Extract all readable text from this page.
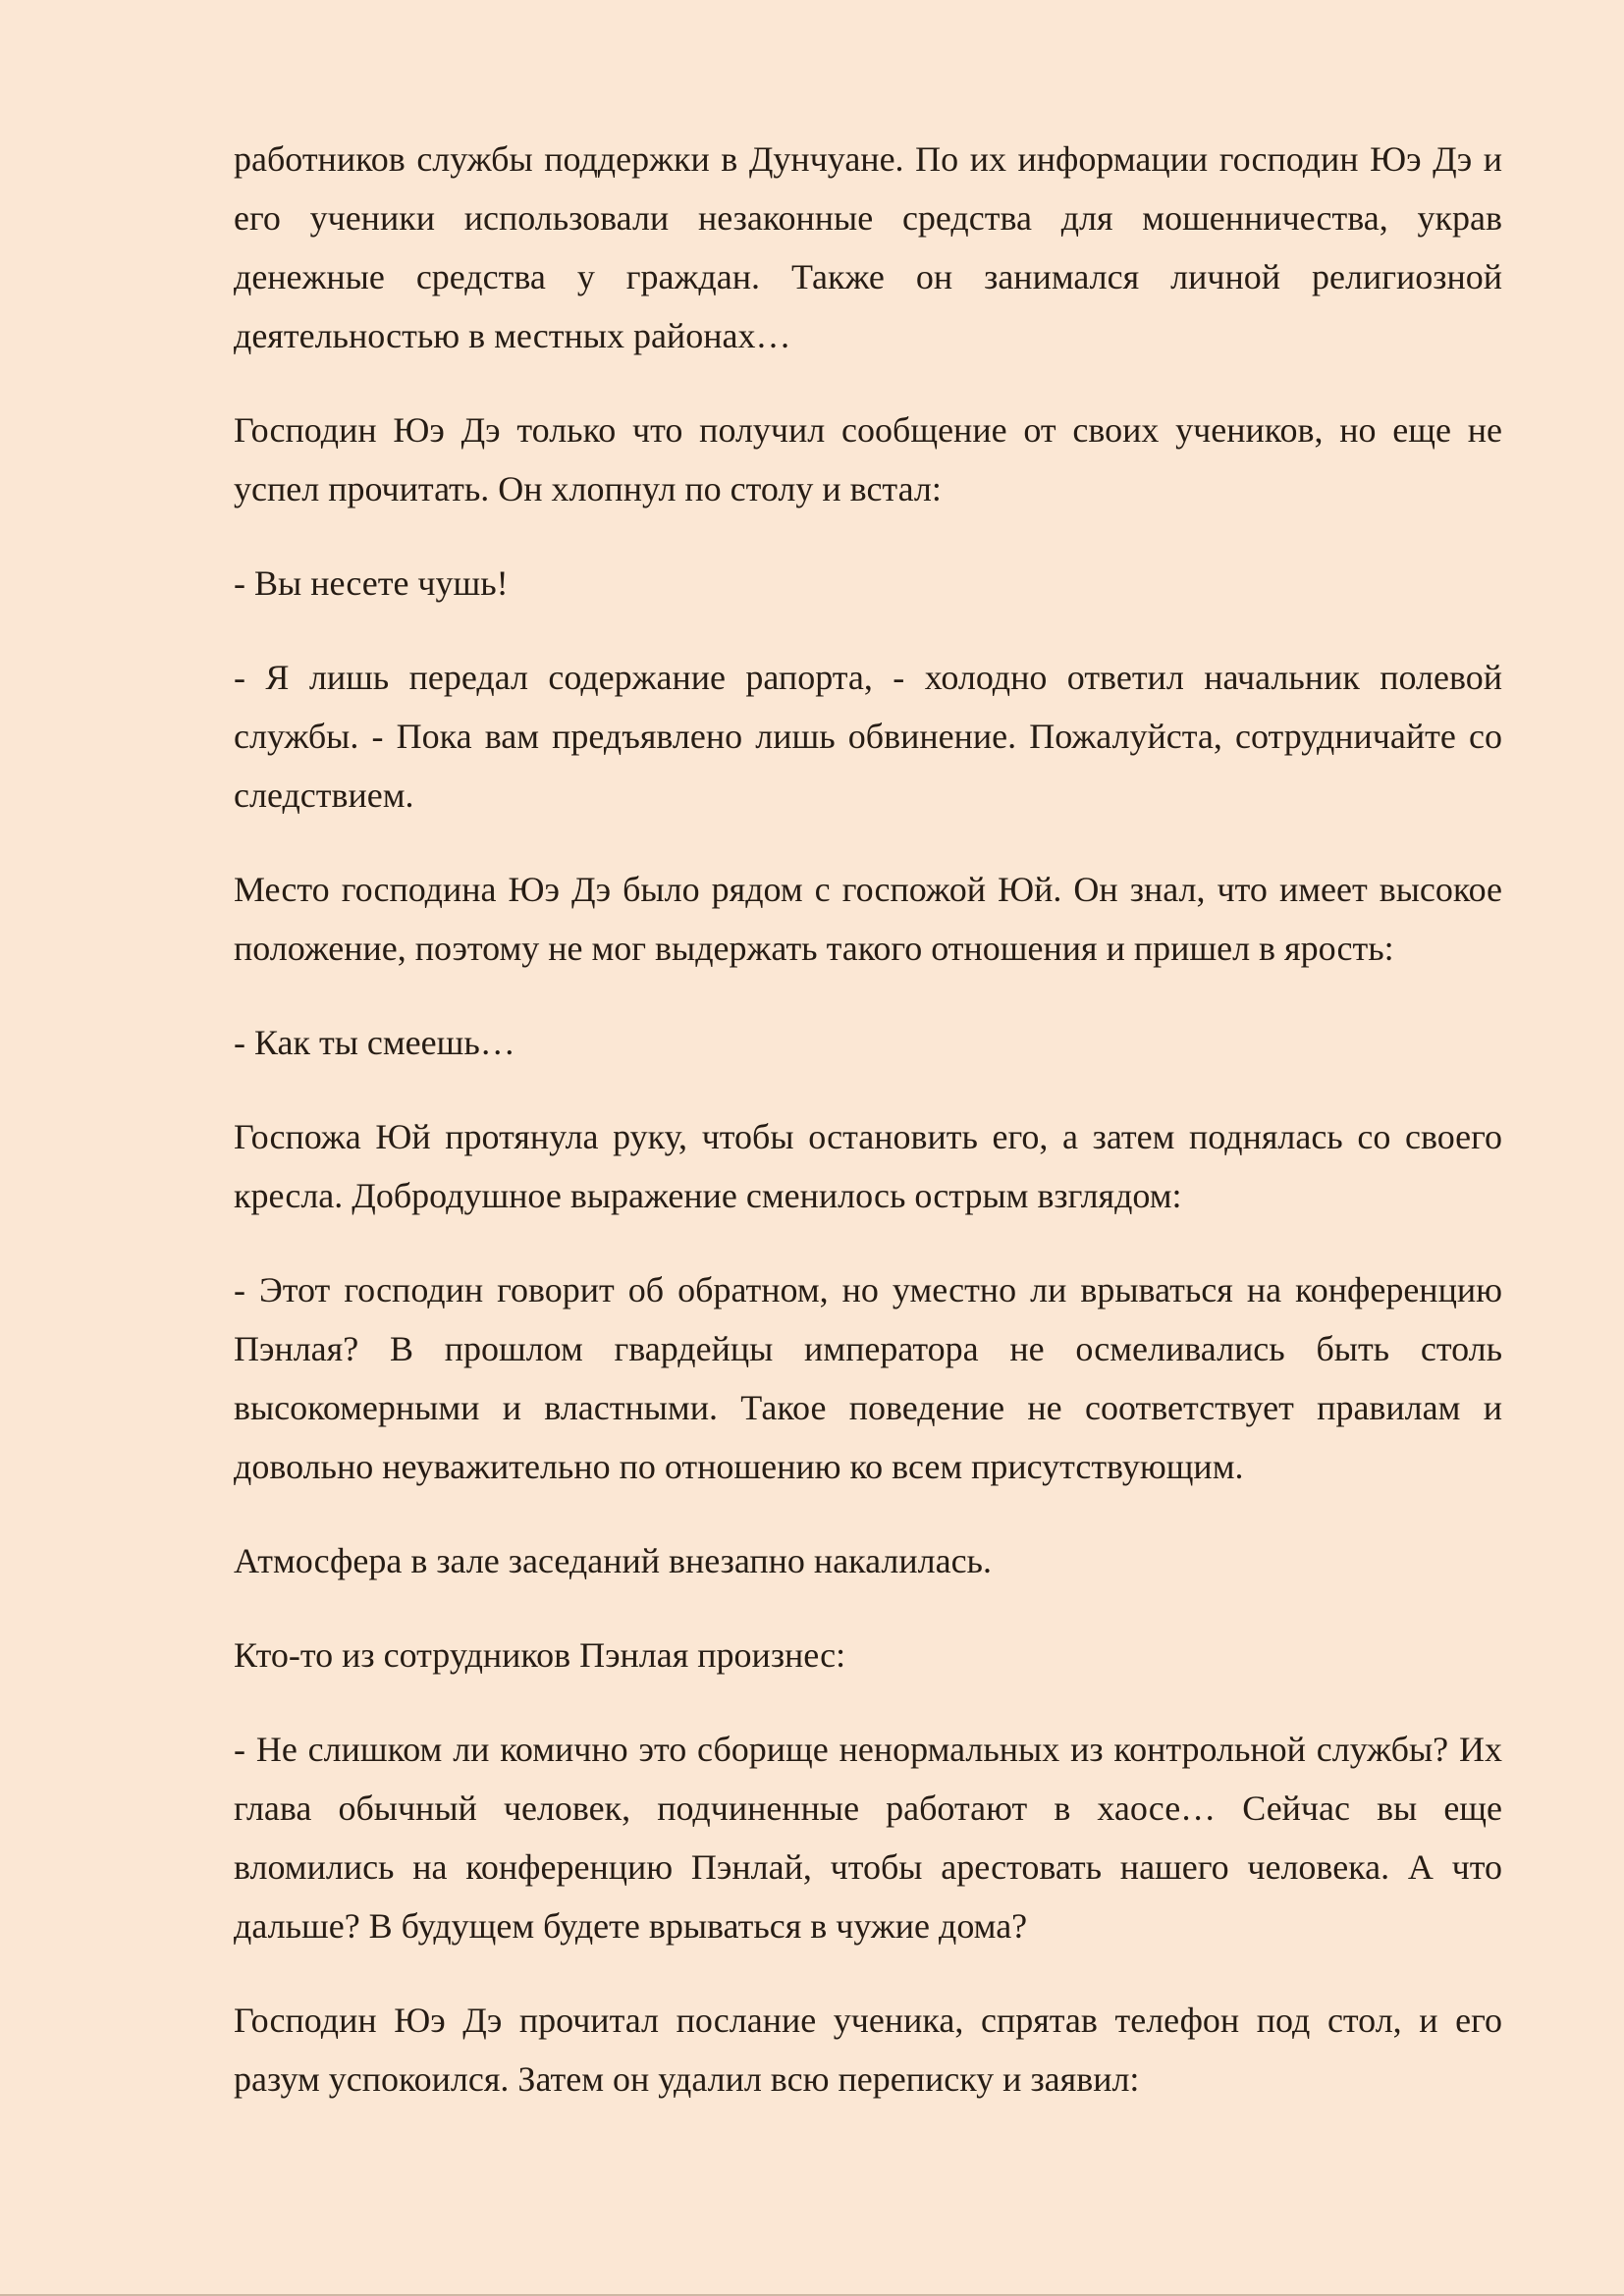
работников службы поддержки в Дунчуане. По их информации господин Юэ Дэ и его ученики использовали незаконные средства для мошенничества, украв денежные средства у граждан. Также он занимался личной религиозной деятельностью в местных районах…

Господин Юэ Дэ только что получил сообщение от своих учеников, но еще не успел прочитать. Он хлопнул по столу и встал:

- Вы несете чушь!

- Я лишь передал содержание рапорта, - холодно ответил начальник полевой службы. - Пока вам предъявлено лишь обвинение. Пожалуйста, сотрудничайте со следствием.

Место господина Юэ Дэ было рядом с госпожой Юй. Он знал, что имеет высокое положение, поэтому не мог выдержать такого отношения и пришел в ярость:

- Как ты смеешь…

Госпожа Юй протянула руку, чтобы остановить его, а затем поднялась со своего кресла. Добродушное выражение сменилось острым взглядом:

- Этот господин говорит об обратном, но уместно ли врываться на конференцию Пэнлая? В прошлом гвардейцы императора не осмеливались быть столь высокомерными и властными. Такое поведение не соответствует правилам и довольно неуважительно по отношению ко всем присутствующим.

Атмосфера в зале заседаний внезапно накалилась.

Кто-то из сотрудников Пэнлая произнес:

- Не слишком ли комично это сборище ненормальных из контрольной службы? Их глава обычный человек, подчиненные работают в хаосе… Сейчас вы еще вломились на конференцию Пэнлай, чтобы арестовать нашего человека. А что дальше? В будущем будете врываться в чужие дома?

Господин Юэ Дэ прочитал послание ученика, спрятав телефон под стол, и его разум успокоился. Затем он удалил всю переписку и заявил:
